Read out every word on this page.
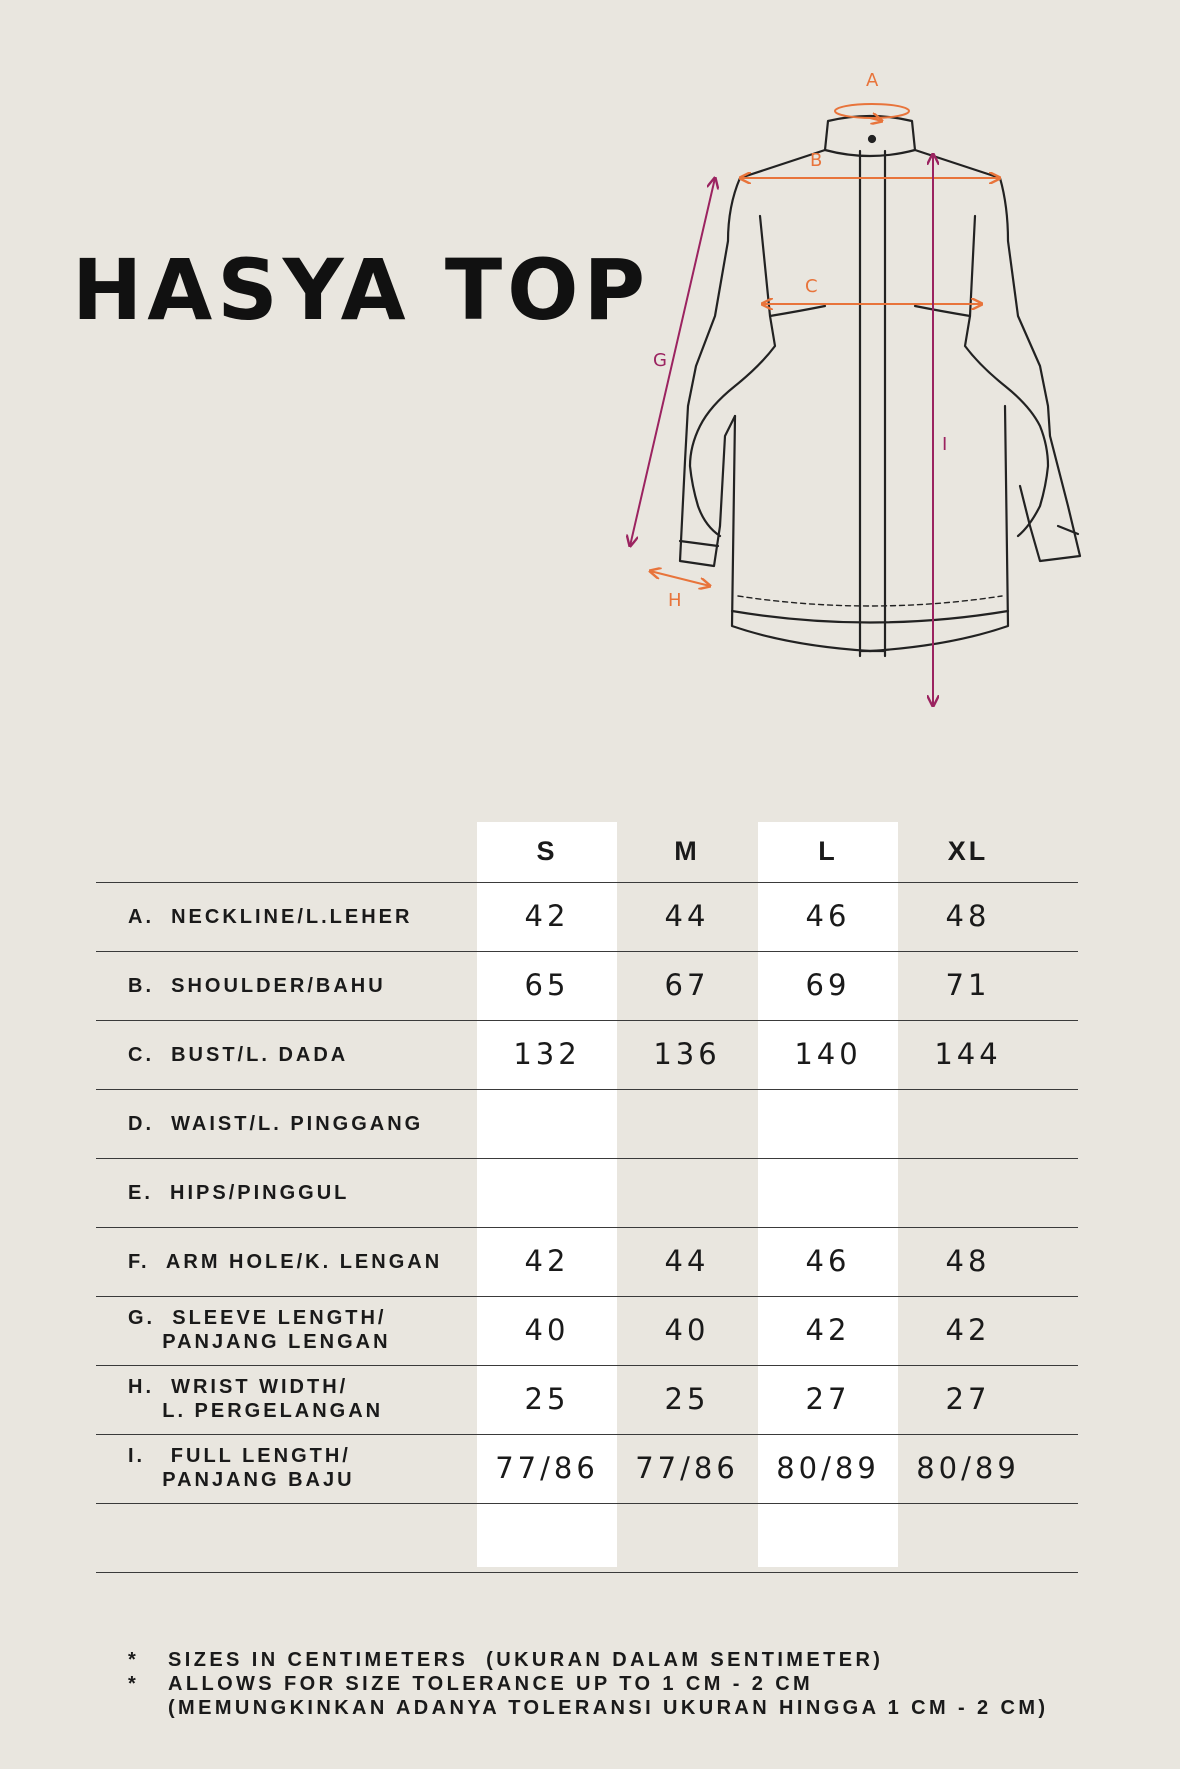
HASYA TOP
A
B
C
G
H
I
S	M	L	XL
A.  NECKLINE/L.LEHER	42	44	46	48
B.  SHOULDER/BAHU	65	67	69	71
C.  BUST/L. DADA	132	136	140	144
D.  WAIST/L. PINGGANG
E.  HIPS/PINGGUL
F.  ARM HOLE/K. LENGAN	42	44	46	48
G.  SLEEVE LENGTH/
PANJANG LENGAN	40	40	42	42
H.  WRIST WIDTH/
L. PERGELANGAN	25	25	27	27
I.   FULL LENGTH/
PANJANG BAJU	77/86	77/86	80/89	80/89

* SIZES IN CENTIMETERS  (UKURAN DALAM SENTIMETER)

* ALLOWS FOR SIZE TOLERANCE UP TO 1 CM - 2 CM

(MEMUNGKINKAN ADANYA TOLERANSI UKURAN HINGGA 1 CM - 2 CM)
